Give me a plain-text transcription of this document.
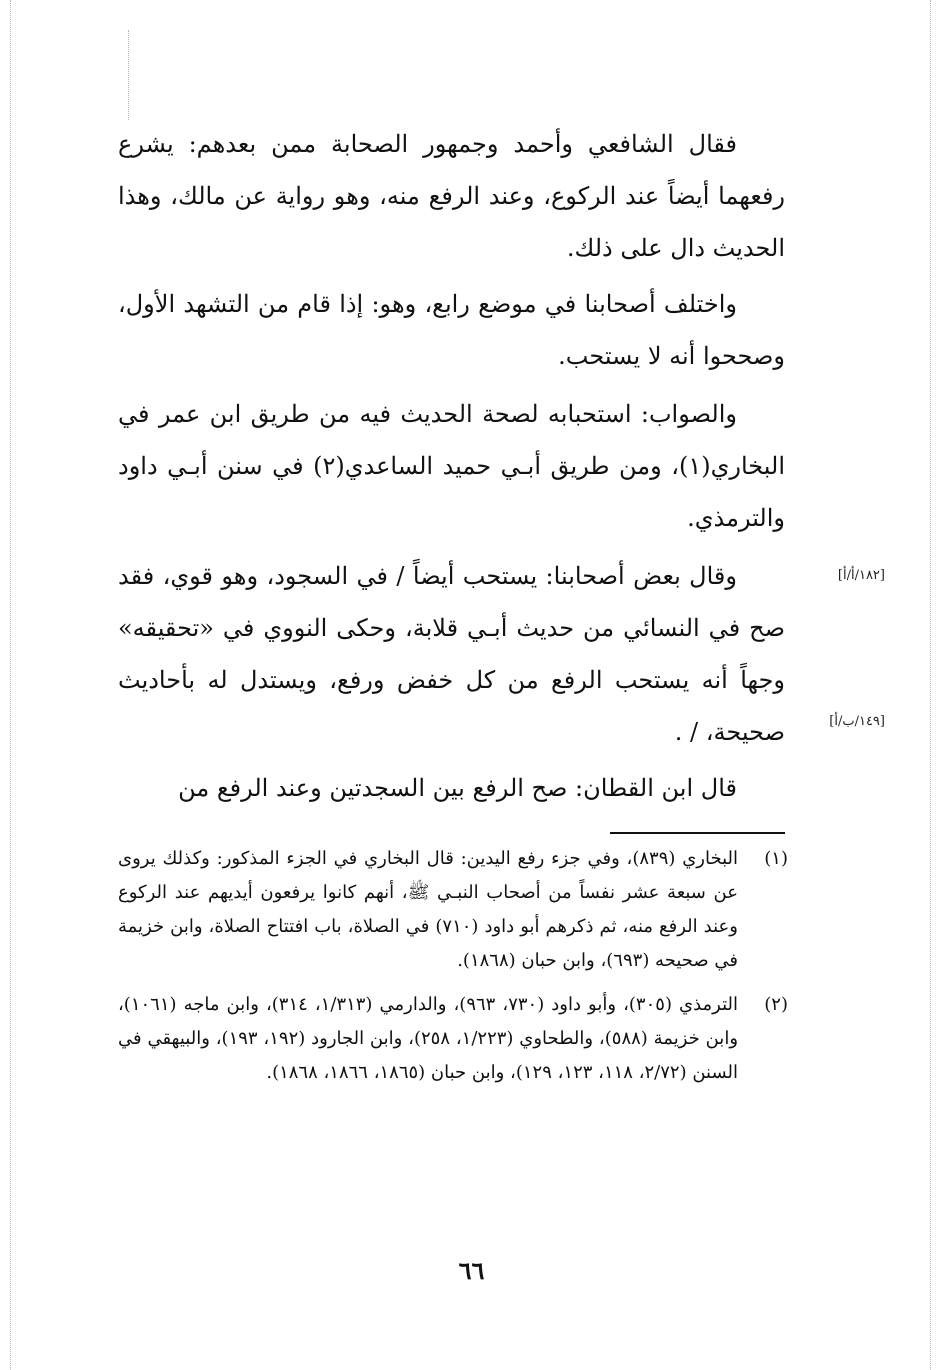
فقال الشافعي وأحمد وجمهور الصحابة ممن بعدهم: يشرع رفعهما أيضاً عند الركوع، وعند الرفع منه، وهو رواية عن مالك، وهذا الحديث دال على ذلك.

واختلف أصحابنا في موضع رابع، وهو: إذا قام من التشهد الأول، وصححوا أنه لا يستحب.

والصواب: استحبابه لصحة الحديث فيه من طريق ابن عمر في البخاري(١)، ومن طريق أبـي حميد الساعدي(٢) في سنن أبـي داود والترمذي.

وقال بعض أصحابنا: يستحب أيضاً / في السجود، وهو قوي، فقد صح في النسائي من حديث أبـي قلابة، وحكى النووي في «تحقيقه» وجهاً أنه يستحب الرفع من كل خفض ورفع، ويستدل له بأحاديث صحيحة، / .

قال ابن القطان: صح الرفع بين السجدتين وعند الرفع من

[١٨٢/أ/أ]
[١٤٩/ب/أ]
(١)
البخاري (٨٣٩)، وفي جزء رفع اليدين: قال البخاري في الجزء المذكور: وكذلك يروى عن سبعة عشر نفساً من أصحاب النبـي ﷺ، أنهم كانوا يرفعون أيديهم عند الركوع وعند الرفع منه، ثم ذكرهم أبو داود (٧١٠) في الصلاة، باب افتتاح الصلاة، وابن خزيمة في صحيحه (٦٩٣)، وابن حبان (١٨٦٨).
(٢)
الترمذي (٣٠٥)، وأبو داود (٧٣٠، ٩٦٣)، والدارمي (١/٣١٣، ٣١٤)، وابن ماجه (١٠٦١)، وابن خزيمة (٥٨٨)، والطحاوي (١/٢٢٣، ٢٥٨)، وابن الجارود (١٩٢، ١٩٣)، والبيهقي في السنن (٢/٧٢، ١١٨، ١٢٣، ١٢٩)، وابن حبان (١٨٦٥، ١٨٦٦، ١٨٦٨).
٦٦
